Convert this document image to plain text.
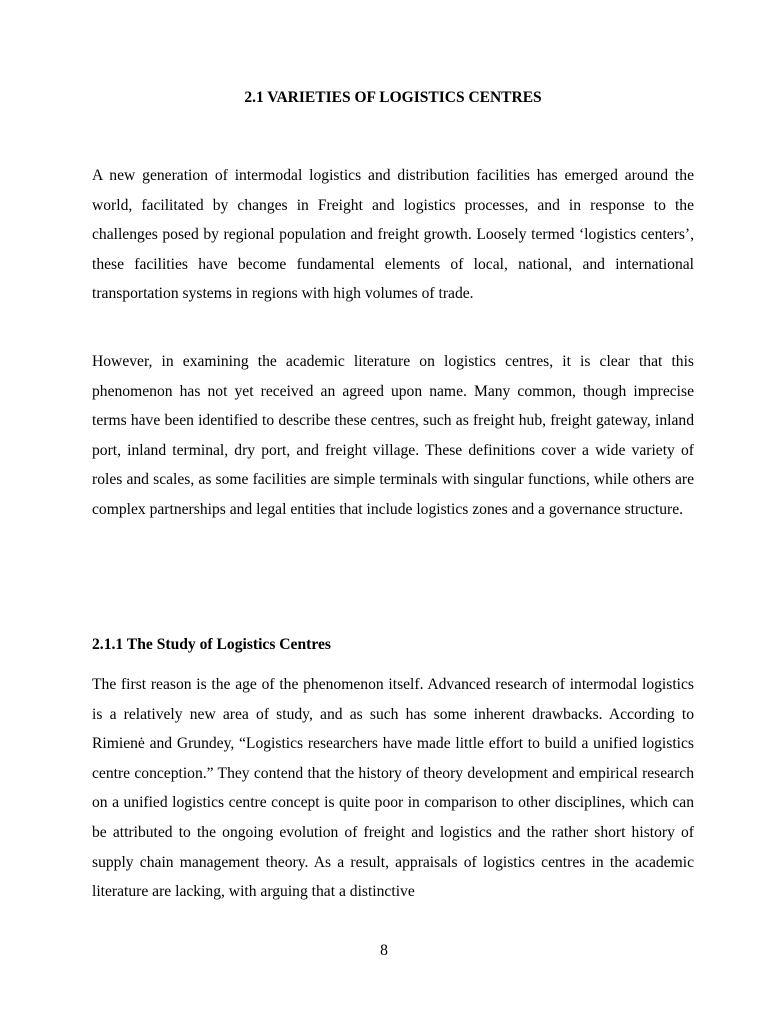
2.1 VARIETIES OF LOGISTICS CENTRES

A new generation of intermodal logistics and distribution facilities has emerged around the world, facilitated by changes in Freight and logistics processes, and in response to the challenges posed by regional population and freight growth. Loosely termed ‘logistics centers’, these facilities have become fundamental elements of local, national, and international transportation systems in regions with high volumes of trade.

However, in examining the academic literature on logistics centres, it is clear that this phenomenon has not yet received an agreed upon name. Many common, though imprecise terms have been identified to describe these centres, such as freight hub, freight gateway, inland port, inland terminal, dry port, and freight village. These definitions cover a wide variety of roles and scales, as some facilities are simple terminals with singular functions, while others are complex partnerships and legal entities that include logistics zones and a governance structure.

2.1.1 The Study of Logistics Centres

The first reason is the age of the phenomenon itself. Advanced research of intermodal logistics is a relatively new area of study, and as such has some inherent drawbacks. According to Rimienė and Grundey, “Logistics researchers have made little effort to build a unified logistics centre conception.” They contend that the history of theory development and empirical research on a unified logistics centre concept is quite poor in comparison to other disciplines, which can be attributed to the ongoing evolution of freight and logistics and the rather short history of supply chain management theory. As a result, appraisals of logistics centres in the academic literature are lacking, with arguing that a distinctive

8
